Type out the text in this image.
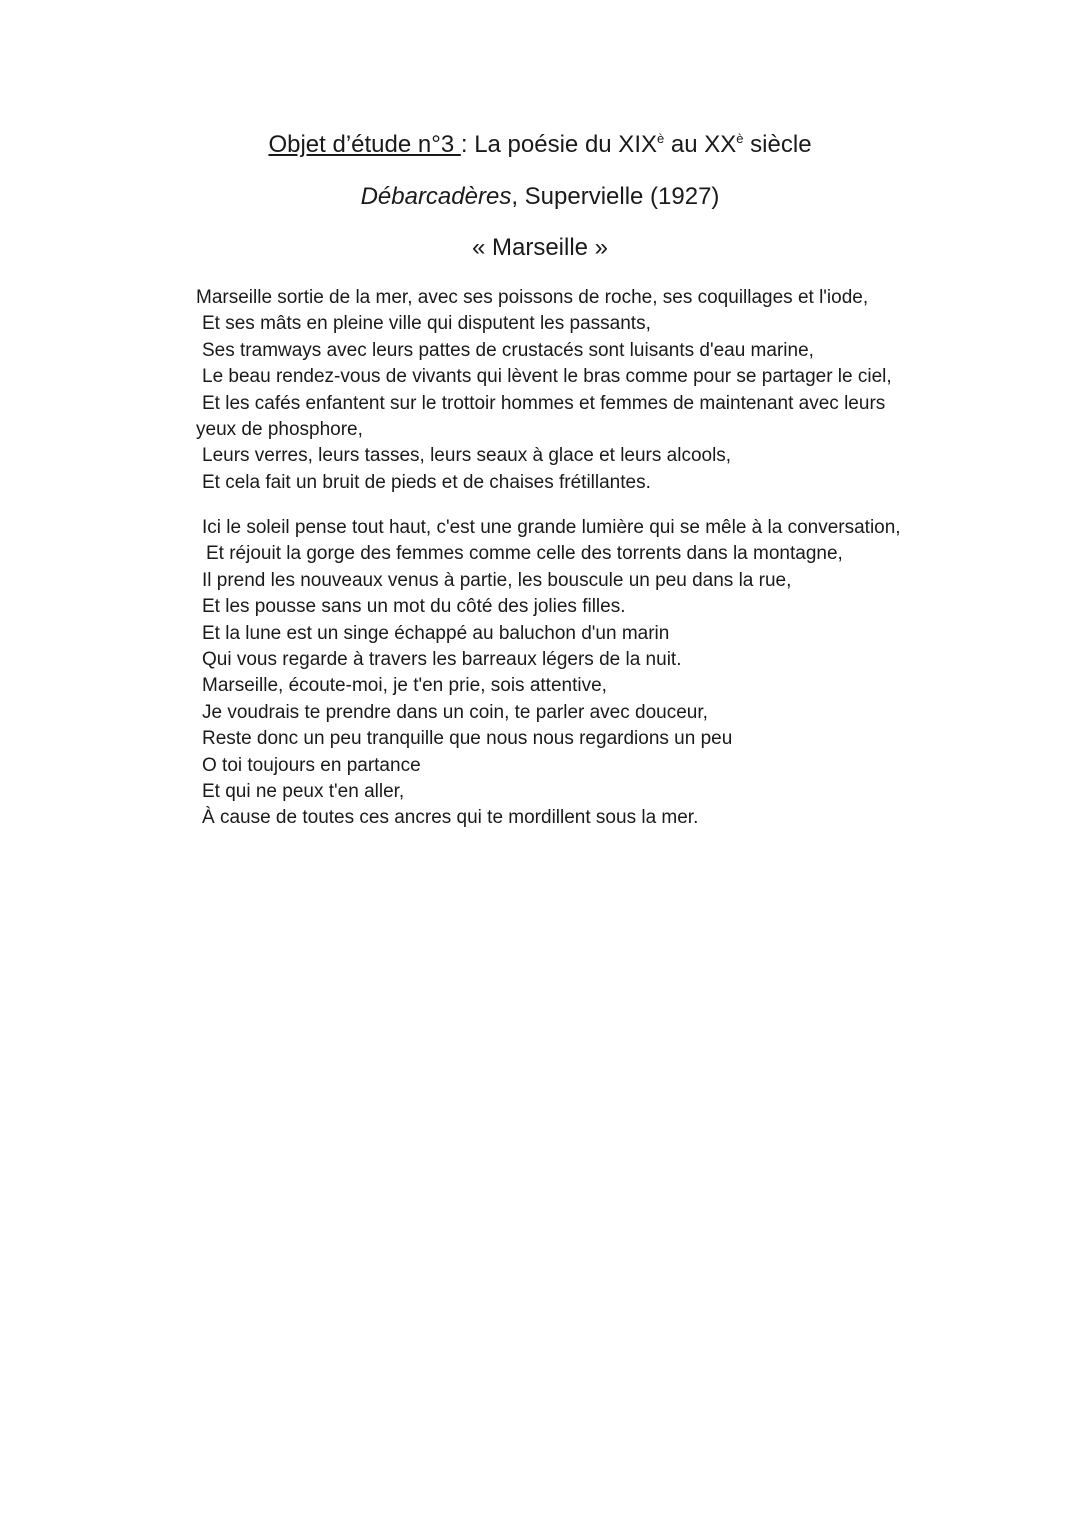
Objet d’étude n°3 : La poésie du $XIX^è$ au $XX^è$ siècle
Débarcadères, Supervielle (1927)
« Marseille »
Marseille sortie de la mer, avec ses poissons de roche, ses coquillages et l'iode,
Et ses mâts en pleine ville qui disputent les passants,
Ses tramways avec leurs pattes de crustacés sont luisants d'eau marine,
Le beau rendez-vous de vivants qui lèvent le bras comme pour se partager le ciel,
Et les cafés enfantent sur le trottoir hommes et femmes de maintenant avec leurs yeux de phosphore,
Leurs verres, leurs tasses, leurs seaux à glace et leurs alcools,
Et cela fait un bruit de pieds et de chaises frétillantes.
Ici le soleil pense tout haut, c'est une grande lumière qui se mêle à la conversation,
Et réjouit la gorge des femmes comme celle des torrents dans la montagne,
Il prend les nouveaux venus à partie, les bouscule un peu dans la rue,
Et les pousse sans un mot du côté des jolies filles.
Et la lune est un singe échappé au baluchon d'un marin
Qui vous regarde à travers les barreaux légers de la nuit.
Marseille, écoute-moi, je t'en prie, sois attentive,
Je voudrais te prendre dans un coin, te parler avec douceur,
Reste donc un peu tranquille que nous nous regardions un peu
O toi toujours en partance
Et qui ne peux t'en aller,
À cause de toutes ces ancres qui te mordillent sous la mer.
